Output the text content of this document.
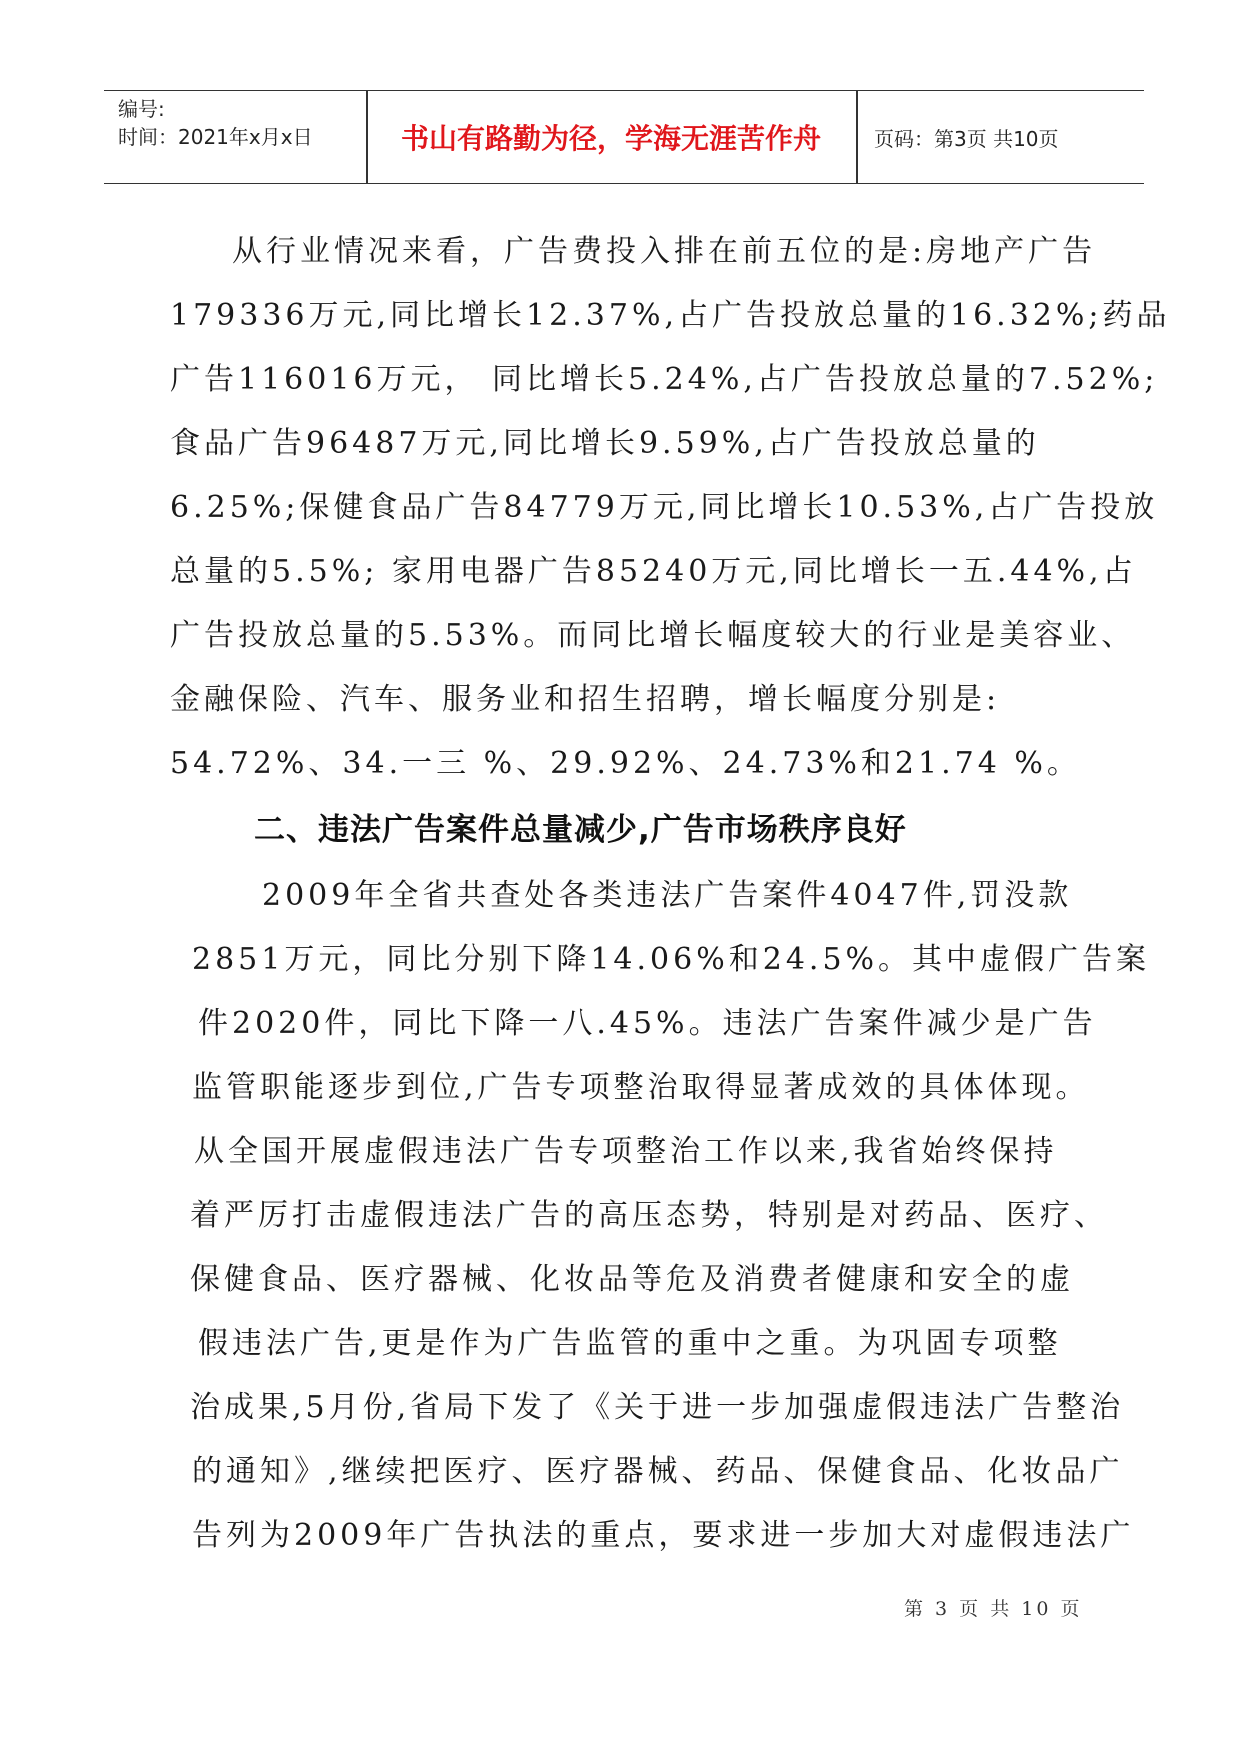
编号:
时间：2021年x月x日	书山有路勤为径，学海无涯苦作舟	页码：第3页 共10页
从行业情况来看，广告费投入排在前五位的是:房地产广告
179336万元,同比增长12.37%,占广告投放总量的16.32%;药品
广告116016万元， 同比增长5.24%,占广告投放总量的7.52%;
食品广告96487万元,同比增长9.59%,占广告投放总量的
6.25%;保健食品广告84779万元,同比增长10.53%,占广告投放
总量的5.5%; 家用电器广告85240万元,同比增长一五.44%,占
广告投放总量的5.53%。而同比增长幅度较大的行业是美容业、
金融保险、汽车、服务业和招生招聘，增长幅度分别是:
54.72%、34.一三 %、29.92%、24.73%和21.74 %。
二、违法广告案件总量减少,广告市场秩序良好
2009年全省共查处各类违法广告案件4047件,罚没款
2851万元，同比分别下降14.06%和24.5%。其中虚假广告案
件2020件，同比下降一八.45%。违法广告案件减少是广告
监管职能逐步到位,广告专项整治取得显著成效的具体体现。
从全国开展虚假违法广告专项整治工作以来,我省始终保持
着严厉打击虚假违法广告的高压态势，特别是对药品、医疗、
保健食品、医疗器械、化妆品等危及消费者健康和安全的虚
假违法广告,更是作为广告监管的重中之重。为巩固专项整
治成果,5月份,省局下发了《关于进一步加强虚假违法广告整治
的通知》,继续把医疗、医疗器械、药品、保健食品、化妆品广
告列为2009年广告执法的重点，要求进一步加大对虚假违法广
第 3 页 共 10 页
